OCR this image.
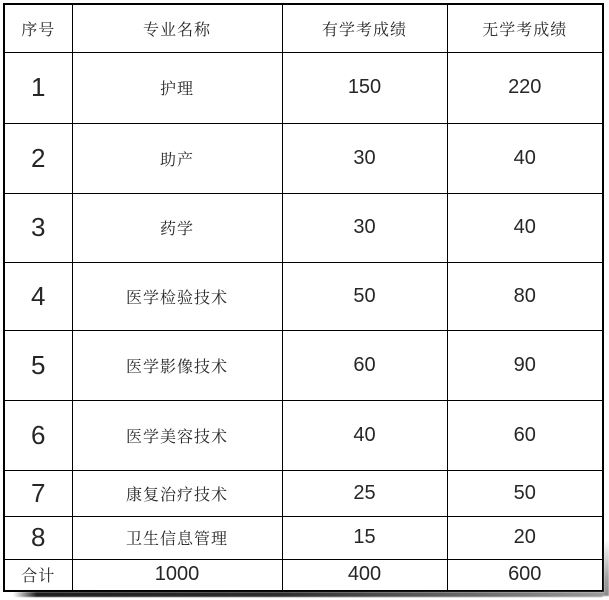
序号	专业名称	有学考成绩	无学考成绩
1	护理	150	220
2	助产	30	40
3	药学	30	40
4	医学检验技术	50	80
5	医学影像技术	60	90
6	医学美容技术	40	60
7	康复治疗技术	25	50
8	卫生信息管理	15	20
合计	1000	400	600
